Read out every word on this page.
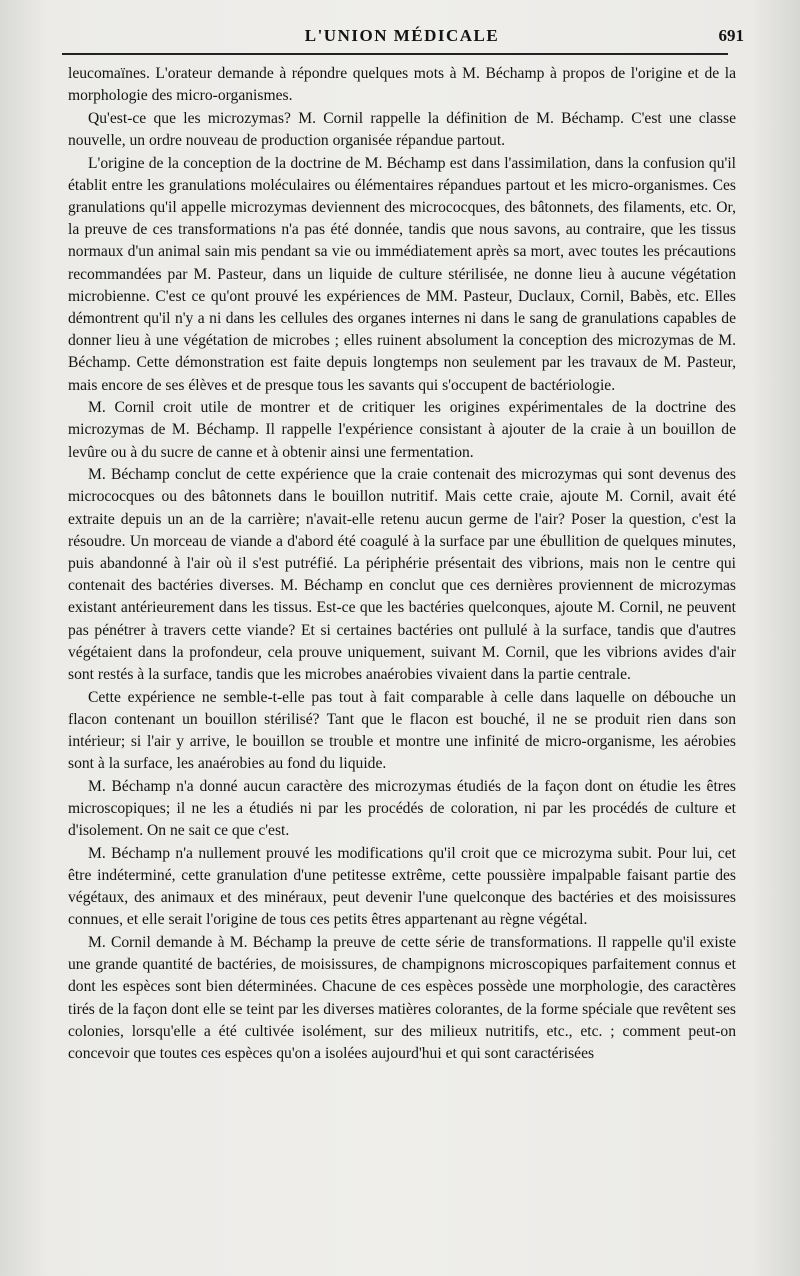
L'UNION MÉDICALE	691

leucomaïnes. L'orateur demande à répondre quelques mots à M. Béchamp à propos de l'origine et de la morphologie des micro-organismes.

Qu'est-ce que les microzymas? M. Cornil rappelle la définition de M. Béchamp. C'est une classe nouvelle, un ordre nouveau de production organisée répandue partout.

L'origine de la conception de la doctrine de M. Béchamp est dans l'assimilation, dans la confusion qu'il établit entre les granulations moléculaires ou élémentaires répandues partout et les micro-organismes. Ces granulations qu'il appelle microzymas deviennent des micrococques, des bâtonnets, des filaments, etc. Or, la preuve de ces transformations n'a pas été donnée, tandis que nous savons, au contraire, que les tissus normaux d'un animal sain mis pendant sa vie ou immédiatement après sa mort, avec toutes les précautions recommandées par M. Pasteur, dans un liquide de culture stérilisée, ne donne lieu à aucune végétation microbienne. C'est ce qu'ont prouvé les expériences de MM. Pasteur, Duclaux, Cornil, Babès, etc. Elles démontrent qu'il n'y a ni dans les cellules des organes internes ni dans le sang de granulations capables de donner lieu à une végétation de microbes ; elles ruinent absolument la conception des microzymas de M. Béchamp. Cette démonstration est faite depuis longtemps non seulement par les travaux de M. Pasteur, mais encore de ses élèves et de presque tous les savants qui s'occupent de bactériologie.

M. Cornil croit utile de montrer et de critiquer les origines expérimentales de la doctrine des microzymas de M. Béchamp. Il rappelle l'expérience consistant à ajouter de la craie à un bouillon de levûre ou à du sucre de canne et à obtenir ainsi une fermentation.

M. Béchamp conclut de cette expérience que la craie contenait des microzymas qui sont devenus des micrococques ou des bâtonnets dans le bouillon nutritif. Mais cette craie, ajoute M. Cornil, avait été extraite depuis un an de la carrière; n'avait-elle retenu aucun germe de l'air? Poser la question, c'est la résoudre. Un morceau de viande a d'abord été coagulé à la surface par une ébullition de quelques minutes, puis abandonné à l'air où il s'est putréfié. La périphérie présentait des vibrions, mais non le centre qui contenait des bactéries diverses. M. Béchamp en conclut que ces dernières proviennent de microzymas existant antérieurement dans les tissus. Est-ce que les bactéries quelconques, ajoute M. Cornil, ne peuvent pas pénétrer à travers cette viande? Et si certaines bactéries ont pullulé à la surface, tandis que d'autres végétaient dans la profondeur, cela prouve uniquement, suivant M. Cornil, que les vibrions avides d'air sont restés à la surface, tandis que les microbes anaérobies vivaient dans la partie centrale.

Cette expérience ne semble-t-elle pas tout à fait comparable à celle dans laquelle on débouche un flacon contenant un bouillon stérilisé? Tant que le flacon est bouché, il ne se produit rien dans son intérieur; si l'air y arrive, le bouillon se trouble et montre une infinité de micro-organisme, les aérobies sont à la surface, les anaérobies au fond du liquide.

M. Béchamp n'a donné aucun caractère des microzymas étudiés de la façon dont on étudie les êtres microscopiques; il ne les a étudiés ni par les procédés de coloration, ni par les procédés de culture et d'isolement. On ne sait ce que c'est.

M. Béchamp n'a nullement prouvé les modifications qu'il croit que ce microzyma subit. Pour lui, cet être indéterminé, cette granulation d'une petitesse extrême, cette poussière impalpable faisant partie des végétaux, des animaux et des minéraux, peut devenir l'une quelconque des bactéries et des moisissures connues, et elle serait l'origine de tous ces petits êtres appartenant au règne végétal.

M. Cornil demande à M. Béchamp la preuve de cette série de transformations. Il rappelle qu'il existe une grande quantité de bactéries, de moisissures, de champignons microscopiques parfaitement connus et dont les espèces sont bien déterminées. Chacune de ces espèces possède une morphologie, des caractères tirés de la façon dont elle se teint par les diverses matières colorantes, de la forme spéciale que revêtent ses colonies, lorsqu'elle a été cultivée isolément, sur des milieux nutritifs, etc., etc. ; comment peut-on concevoir que toutes ces espèces qu'on a isolées aujourd'hui et qui sont caractérisées
